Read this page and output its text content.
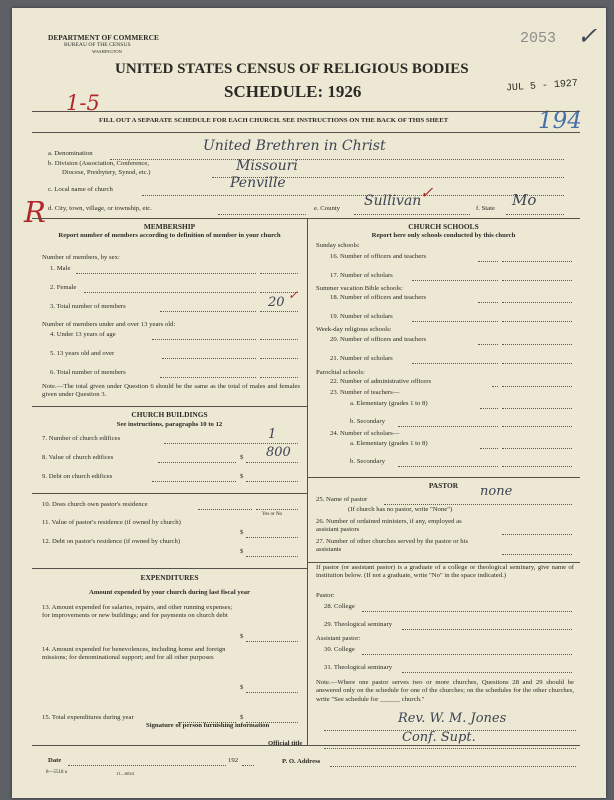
DEPARTMENT OF COMMERCE
BUREAU OF THE CENSUS
WASHINGTON
UNITED STATES CENSUS OF RELIGIOUS BODIES
SCHEDULE: 1926
FILL OUT A SEPARATE SCHEDULE FOR EACH CHURCH. SEE INSTRUCTIONS ON THE BACK OF THIS SHEET
2053 ✓
JUL 5 - 1927
194
1-5
R
a. Denomination	United Brethren in Christ
b. Division (Association, Conference,
Diocese, Presbytery, Synod, etc.)	Missouri
c. Local name of church	Penville
d. City, town, village, or township, etc.	e. County Sullivan
✓
f. State Mo
MEMBERSHIP
Report number of members according to definition of member in your church
Number of members, by sex:
1. Male
2. Female
3. Total number of members	20 ✓
Number of members under and over 13 years old:
4. Under 13 years of age
5. 13 years old and over
6. Total number of members
Note.—The total given under Question 6 should be the same as the total of males and females given under Question 3.
CHURCH BUILDINGS
See instructions, paragraphs 10 to 12
7. Number of church edifices	1
8. Value of church edifices	$ 800
9. Debt on church edifices	$
10. Does church own pastor's residence
Yes or No
11. Value of pastor's residence (if owned by church)
$
12. Debt on pastor's residence (if owned by church)
$
EXPENDITURES
Amount expended by your church during last fiscal year
13. Amount expended for salaries, repairs, and other running expenses; for improvements or new buildings; and for payments on church debt
$
14. Amount expended for benevolences, including home and foreign missions; for denominational support; and for all other purposes
$
15. Total expenditures during year	$
CHURCH SCHOOLS
Report here only schools conducted by this church
Sunday schools:
16. Number of officers and teachers
17. Number of scholars
Summer vacation Bible schools:
18. Number of officers and teachers
19. Number of scholars
Week-day religious schools:
20. Number of officers and teachers
21. Number of scholars
Parochial schools:
22. Number of administrative officers
23. Number of teachers—
a. Elementary (grades 1 to 8)
b. Secondary
24. Number of scholars—
a. Elementary (grades 1 to 8)
b. Secondary
PASTOR
25. Name of pastor
none
(If church has no pastor, write "None")
26. Number of ordained ministers, if any, employed as assistant pastors
27. Number of other churches served by the pastor or his assistants
If pastor (or assistant pastor) is a graduate of a college or theological seminary, give name of institution below. (If not a graduate, write "No" in the space indicated.)
Pastor:
28. College
29. Theological seminary
Assistant pastor:
30. College
31. Theological seminary
Note.—Where one pastor serves two or more churches, Questions 28 and 29 should be answered only on the schedule for one of the churches; on the schedules for the other churches, write "See schedule for ______ church."
Signature of person furnishing information	Rev. W. M. Jones
Official title	Conf. Supt.
Date	192	P. O. Address
8—5518 a	11—6024
